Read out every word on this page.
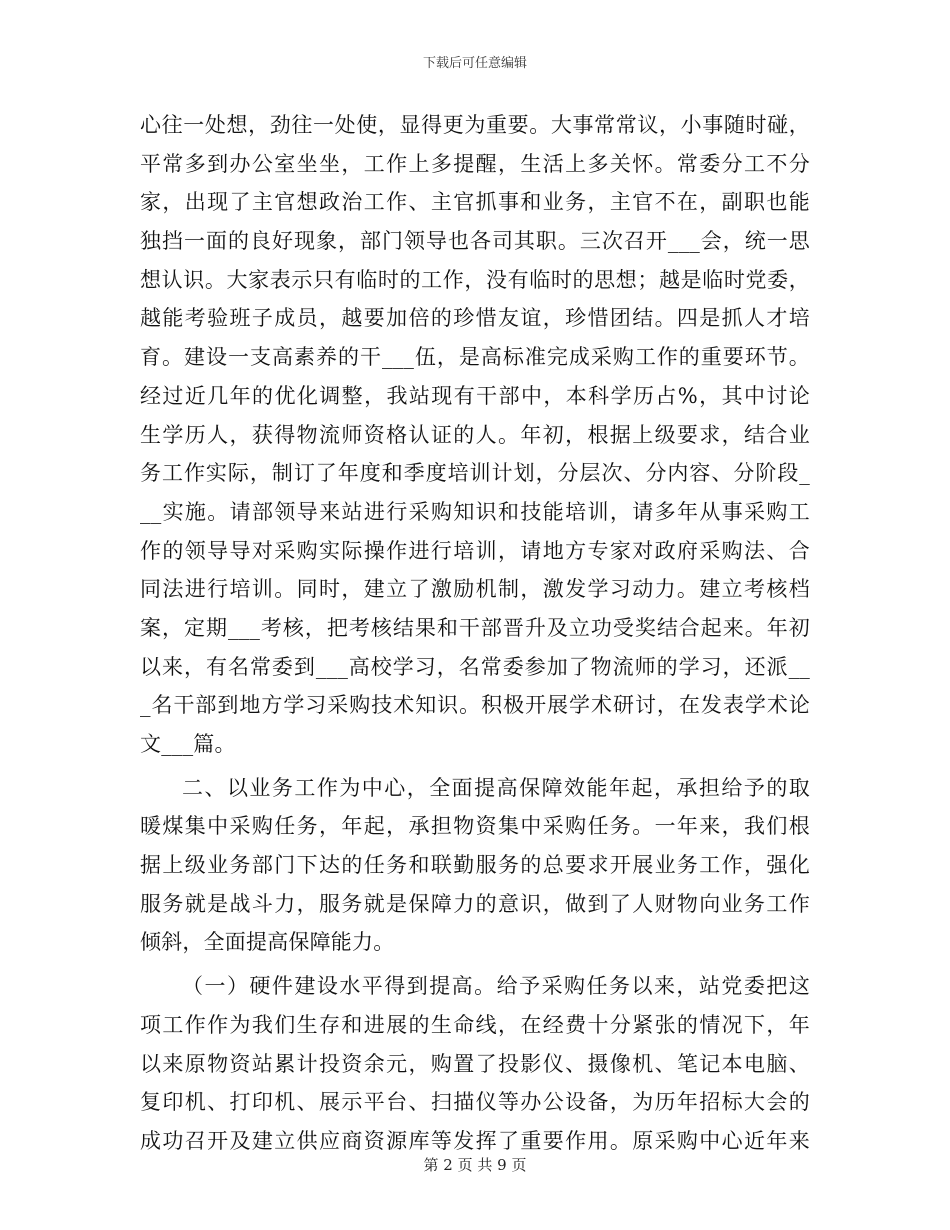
下载后可任意编辑
心往一处想，劲往一处使，显得更为重要。大事常常议，小事随时碰，
平常多到办公室坐坐，工作上多提醒，生活上多关怀。常委分工不分
家，出现了主官想政治工作、主官抓事和业务，主官不在，副职也能
独挡一面的良好现象，部门领导也各司其职。三次召开___会，统一思
想认识。大家表示只有临时的工作，没有临时的思想；越是临时党委，
越能考验班子成员，越要加倍的珍惜友谊，珍惜团结。四是抓人才培
育。建设一支高素养的干___伍，是高标准完成采购工作的重要环节。
经过近几年的优化调整，我站现有干部中，本科学历占%，其中讨论
生学历人，获得物流师资格认证的人。年初，根据上级要求，结合业
务工作实际，制订了年度和季度培训计划，分层次、分内容、分阶段_
__实施。请部领导来站进行采购知识和技能培训，请多年从事采购工
作的领导导对采购实际操作进行培训，请地方专家对政府采购法、合
同法进行培训。同时，建立了激励机制，激发学习动力。建立考核档
案，定期___考核，把考核结果和干部晋升及立功受奖结合起来。年初
以来，有名常委到___高校学习，名常委参加了物流师的学习，还派__
_名干部到地方学习采购技术知识。积极开展学术研讨，在发表学术论
文___篇。
二、以业务工作为中心，全面提高保障效能年起，承担给予的取
暖煤集中采购任务，年起，承担物资集中采购任务。一年来，我们根
据上级业务部门下达的任务和联勤服务的总要求开展业务工作，强化
服务就是战斗力，服务就是保障力的意识，做到了人财物向业务工作
倾斜，全面提高保障能力。
（一）硬件建设水平得到提高。给予采购任务以来，站党委把这
项工作作为我们生存和进展的生命线，在经费十分紧张的情况下，年
以来原物资站累计投资余元，购置了投影仪、摄像机、笔记本电脑、
复印机、打印机、展示平台、扫描仪等办公设备，为历年招标大会的
成功召开及建立供应商资源库等发挥了重要作用。原采购中心近年来
第 2 页 共 9 页
